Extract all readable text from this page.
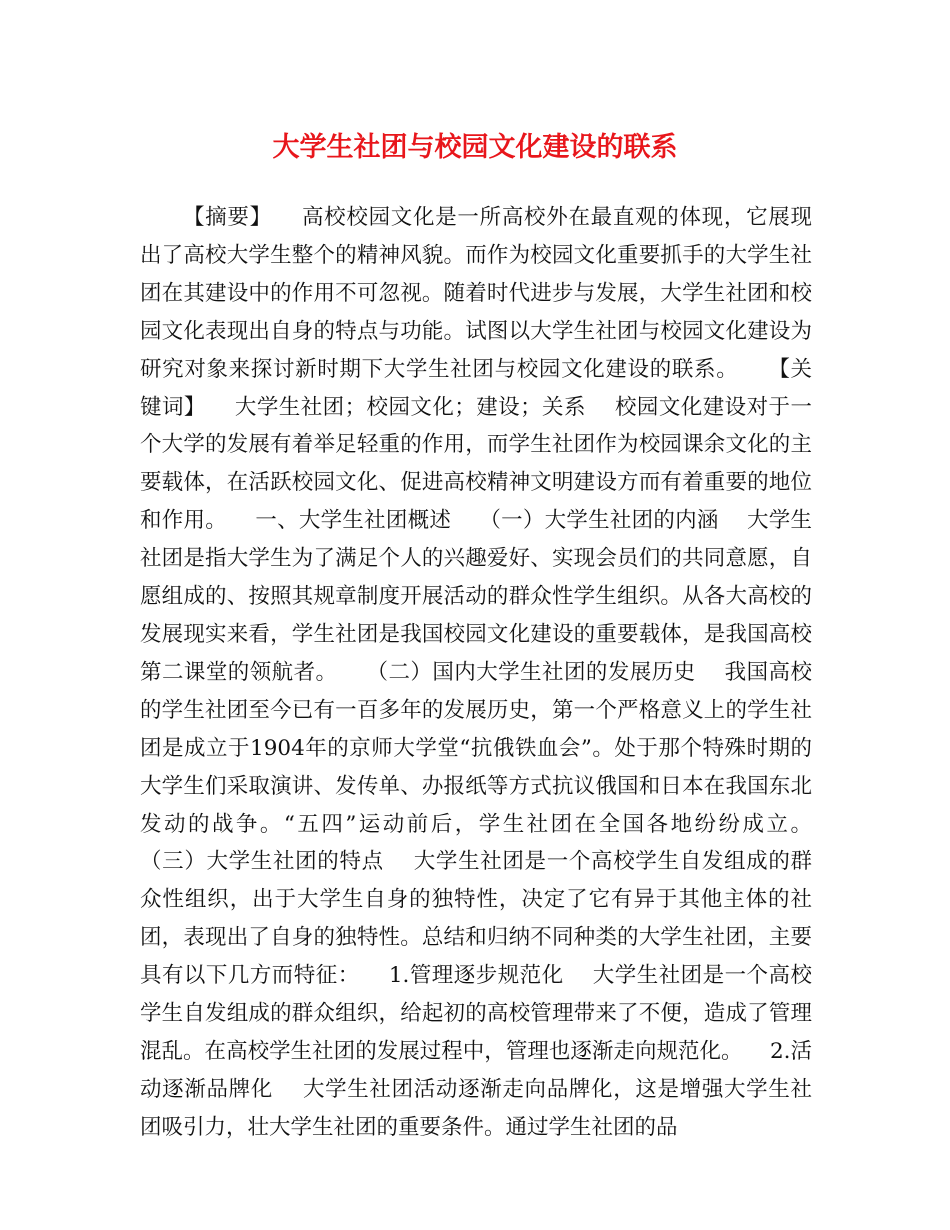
大学生社团与校园文化建设的联系

【摘要】    高校校园文化是一所高校外在最直观的体现，它展现出了高校大学生整个的精神风貌。而作为校园文化重要抓手的大学生社团在其建设中的作用不可忽视。随着时代进步与发展，大学生社团和校园文化表现出自身的特点与功能。试图以大学生社团与校园文化建设为研究对象来探讨新时期下大学生社团与校园文化建设的联系。    【关键词】    大学生社团；校园文化；建设；关系    校园文化建设对于一个大学的发展有着举足轻重的作用，而学生社团作为校园课余文化的主要载体，在活跃校园文化、促进高校精神文明建设方而有着重要的地位和作用。    一、大学生社团概述    （一）大学生社团的内涵    大学生社团是指大学生为了满足个人的兴趣爱好、实现会员们的共同意愿，自愿组成的、按照其规章制度开展活动的群众性学生组织。从各大高校的发展现实来看，学生社团是我国校园文化建设的重要载体，是我国高校第二课堂的领航者。    （二）国内大学生社团的发展历史    我国高校的学生社团至今已有一百多年的发展历史，第一个严格意义上的学生社团是成立于1904年的京师大学堂“抗俄铁血会”。处于那个特殊时期的大学生们采取演讲、发传单、办报纸等方式抗议俄国和日本在我国东北发动的战争。“五四”运动前后，学生社团在全国各地纷纷成立。    （三）大学生社团的特点    大学生社团是一个高校学生自发组成的群众性组织，出于大学生自身的独特性，决定了它有异于其他主体的社团，表现出了自身的独特性。总结和归纳不同种类的大学生社团，主要具有以下几方而特征：    1.管理逐步规范化    大学生社团是一个高校学生自发组成的群众组织，给起初的高校管理带来了不便，造成了管理混乱。在高校学生社团的发展过程中，管理也逐渐走向规范化。    2.活动逐渐品牌化    大学生社团活动逐渐走向品牌化，这是增强大学生社团吸引力，壮大学生社团的重要条件。通过学生社团的品
